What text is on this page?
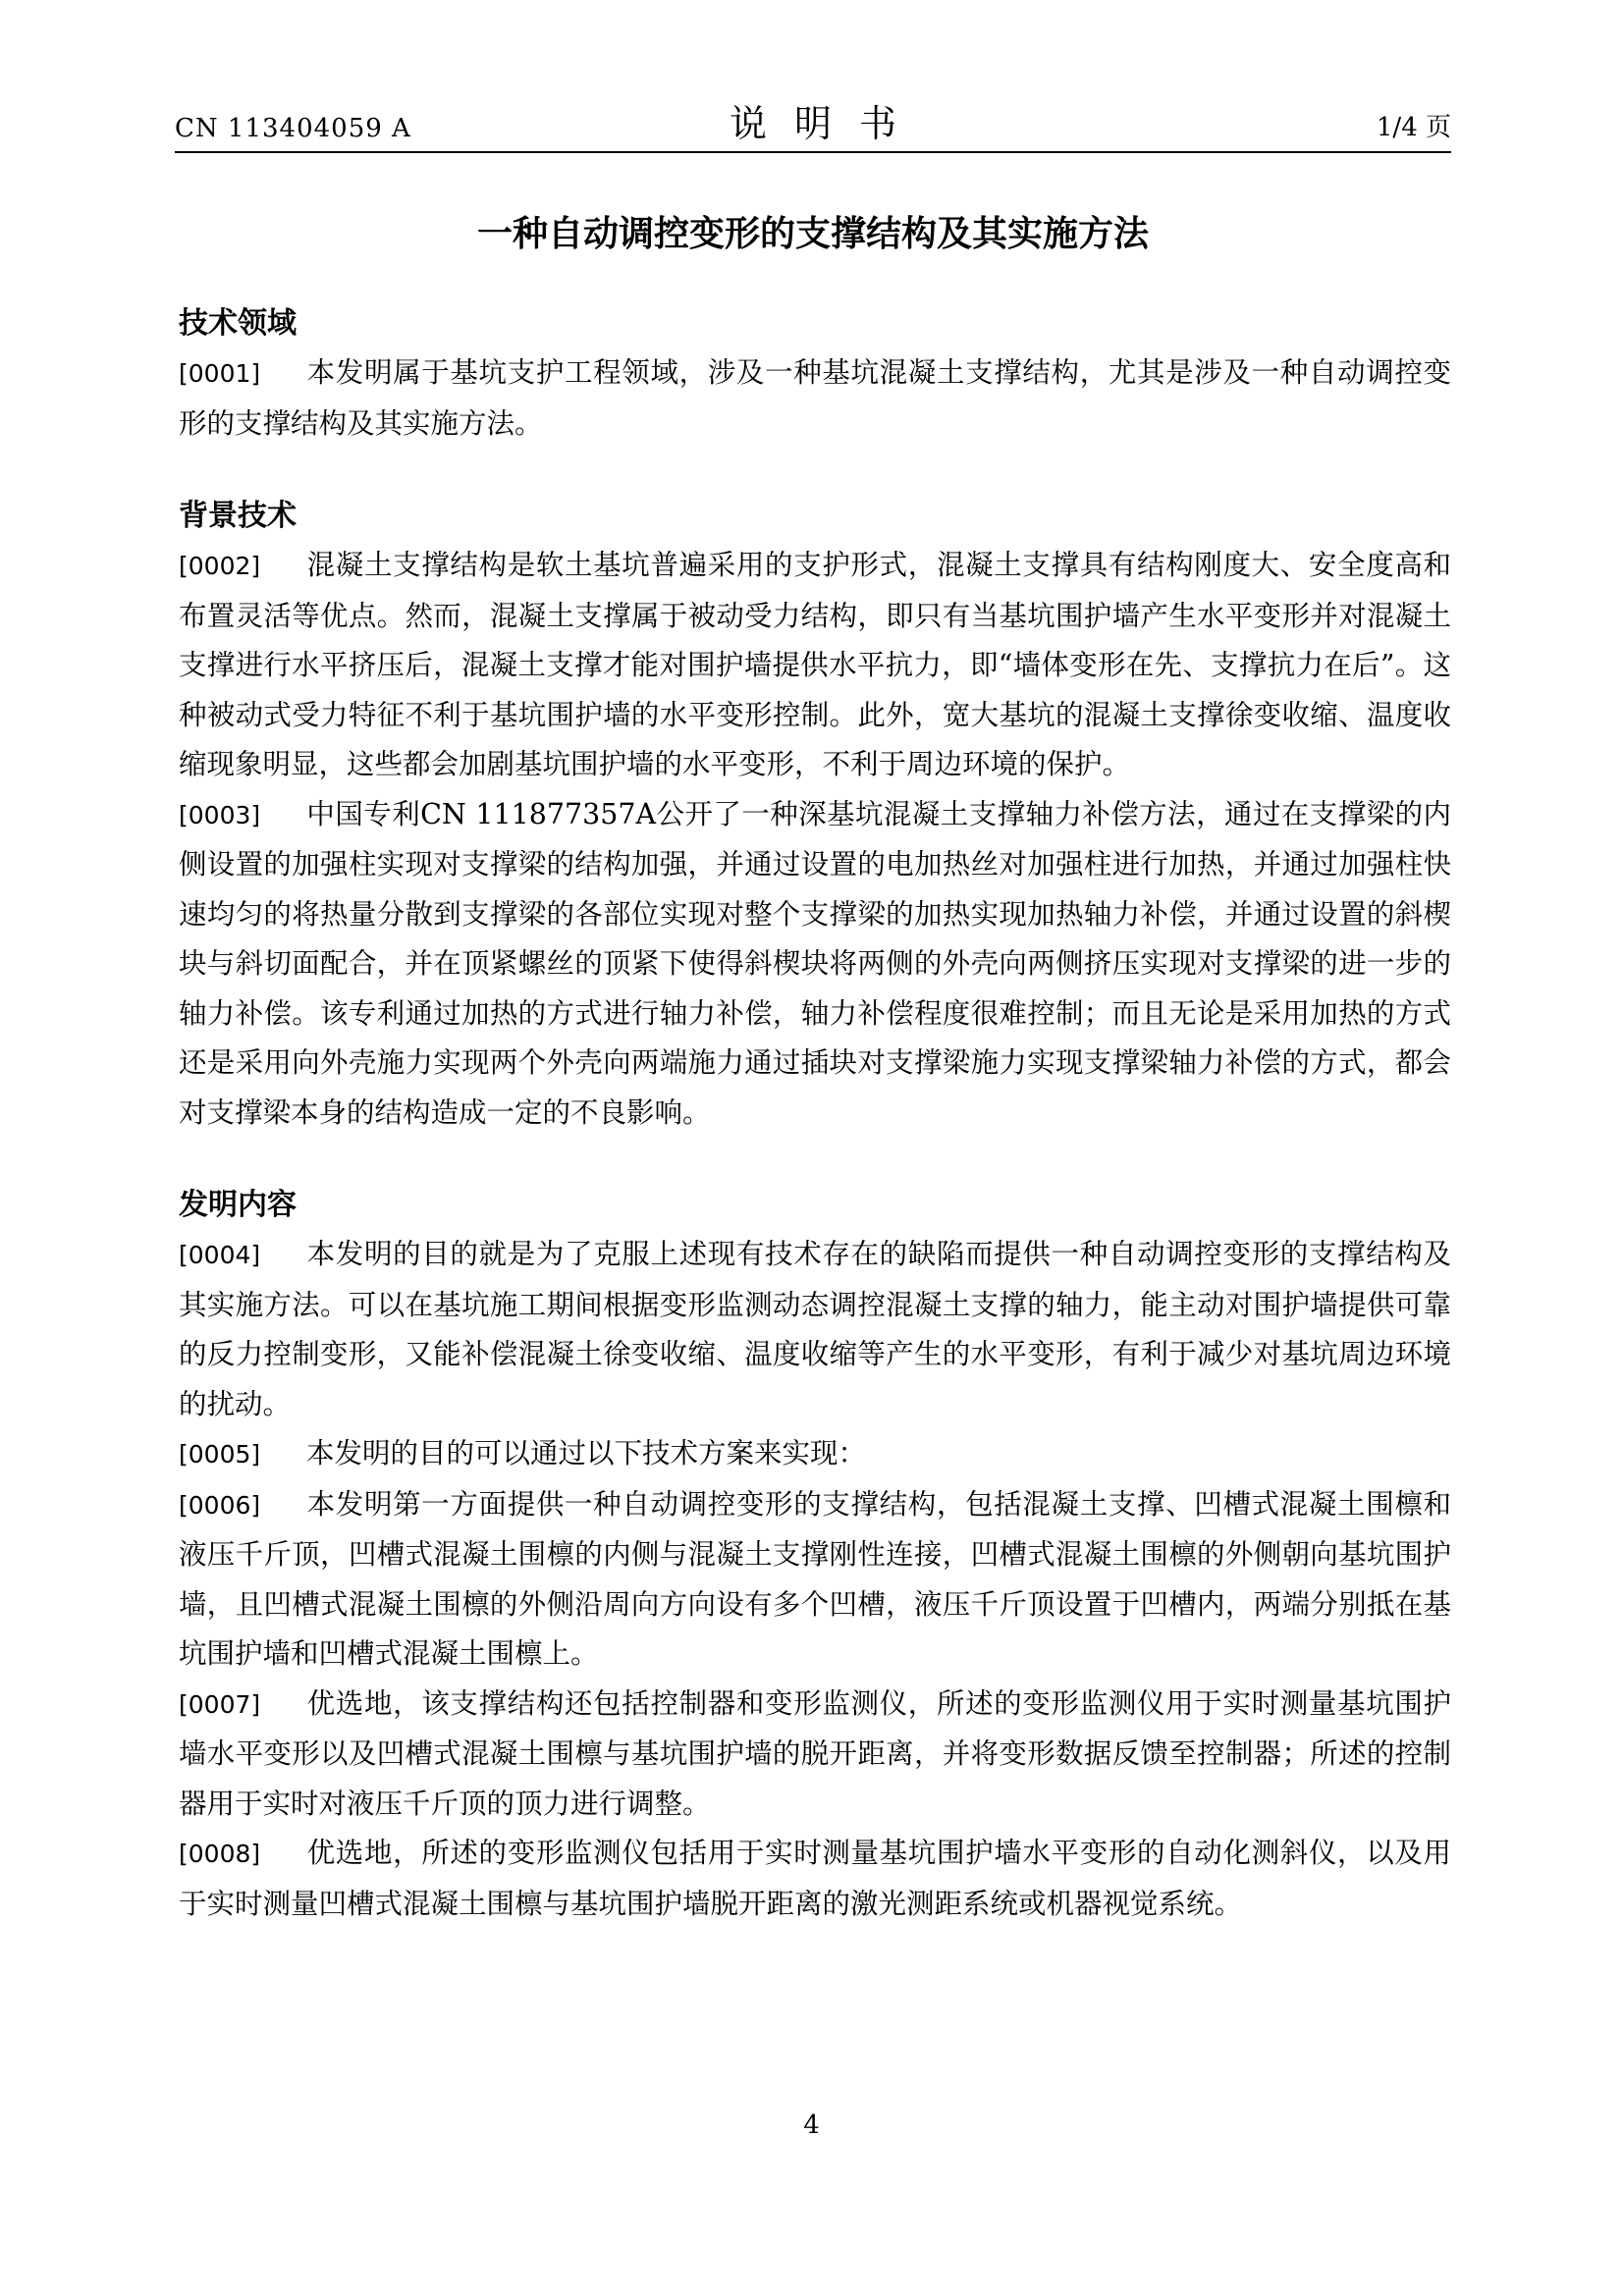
CN 113404059 A	说明书	1/4 页
一种自动调控变形的支撑结构及其实施方法
技术领域
[0001] 本发明属于基坑支护工程领域，涉及一种基坑混凝土支撑结构，尤其是涉及一种自动调控变形的支撑结构及其实施方法。
背景技术
[0002] 混凝土支撑结构是软土基坑普遍采用的支护形式，混凝土支撑具有结构刚度大、安全度高和布置灵活等优点。然而，混凝土支撑属于被动受力结构，即只有当基坑围护墙产生水平变形并对混凝土支撑进行水平挤压后，混凝土支撑才能对围护墙提供水平抗力，即“墙体变形在先、支撑抗力在后”。这种被动式受力特征不利于基坑围护墙的水平变形控制。此外，宽大基坑的混凝土支撑徐变收缩、温度收缩现象明显，这些都会加剧基坑围护墙的水平变形，不利于周边环境的保护。
[0003] 中国专利CN 111877357A公开了一种深基坑混凝土支撑轴力补偿方法，通过在支撑梁的内侧设置的加强柱实现对支撑梁的结构加强，并通过设置的电加热丝对加强柱进行加热，并通过加强柱快速均匀的将热量分散到支撑梁的各部位实现对整个支撑梁的加热实现加热轴力补偿，并通过设置的斜楔块与斜切面配合，并在顶紧螺丝的顶紧下使得斜楔块将两侧的外壳向两侧挤压实现对支撑梁的进一步的轴力补偿。该专利通过加热的方式进行轴力补偿，轴力补偿程度很难控制；而且无论是采用加热的方式还是采用向外壳施力实现两个外壳向两端施力通过插块对支撑梁施力实现支撑梁轴力补偿的方式，都会对支撑梁本身的结构造成一定的不良影响。
发明内容
[0004] 本发明的目的就是为了克服上述现有技术存在的缺陷而提供一种自动调控变形的支撑结构及其实施方法。可以在基坑施工期间根据变形监测动态调控混凝土支撑的轴力，能主动对围护墙提供可靠的反力控制变形，又能补偿混凝土徐变收缩、温度收缩等产生的水平变形，有利于减少对基坑周边环境的扰动。
[0005] 本发明的目的可以通过以下技术方案来实现：
[0006] 本发明第一方面提供一种自动调控变形的支撑结构，包括混凝土支撑、凹槽式混凝土围檩和液压千斤顶，凹槽式混凝土围檩的内侧与混凝土支撑刚性连接，凹槽式混凝土围檩的外侧朝向基坑围护墙，且凹槽式混凝土围檩的外侧沿周向方向设有多个凹槽，液压千斤顶设置于凹槽内，两端分别抵在基坑围护墙和凹槽式混凝土围檩上。
[0007] 优选地，该支撑结构还包括控制器和变形监测仪，所述的变形监测仪用于实时测量基坑围护墙水平变形以及凹槽式混凝土围檩与基坑围护墙的脱开距离，并将变形数据反馈至控制器；所述的控制器用于实时对液压千斤顶的顶力进行调整。
[0008] 优选地，所述的变形监测仪包括用于实时测量基坑围护墙水平变形的自动化测斜仪，以及用于实时测量凹槽式混凝土围檩与基坑围护墙脱开距离的激光测距系统或机器视觉系统。
4
